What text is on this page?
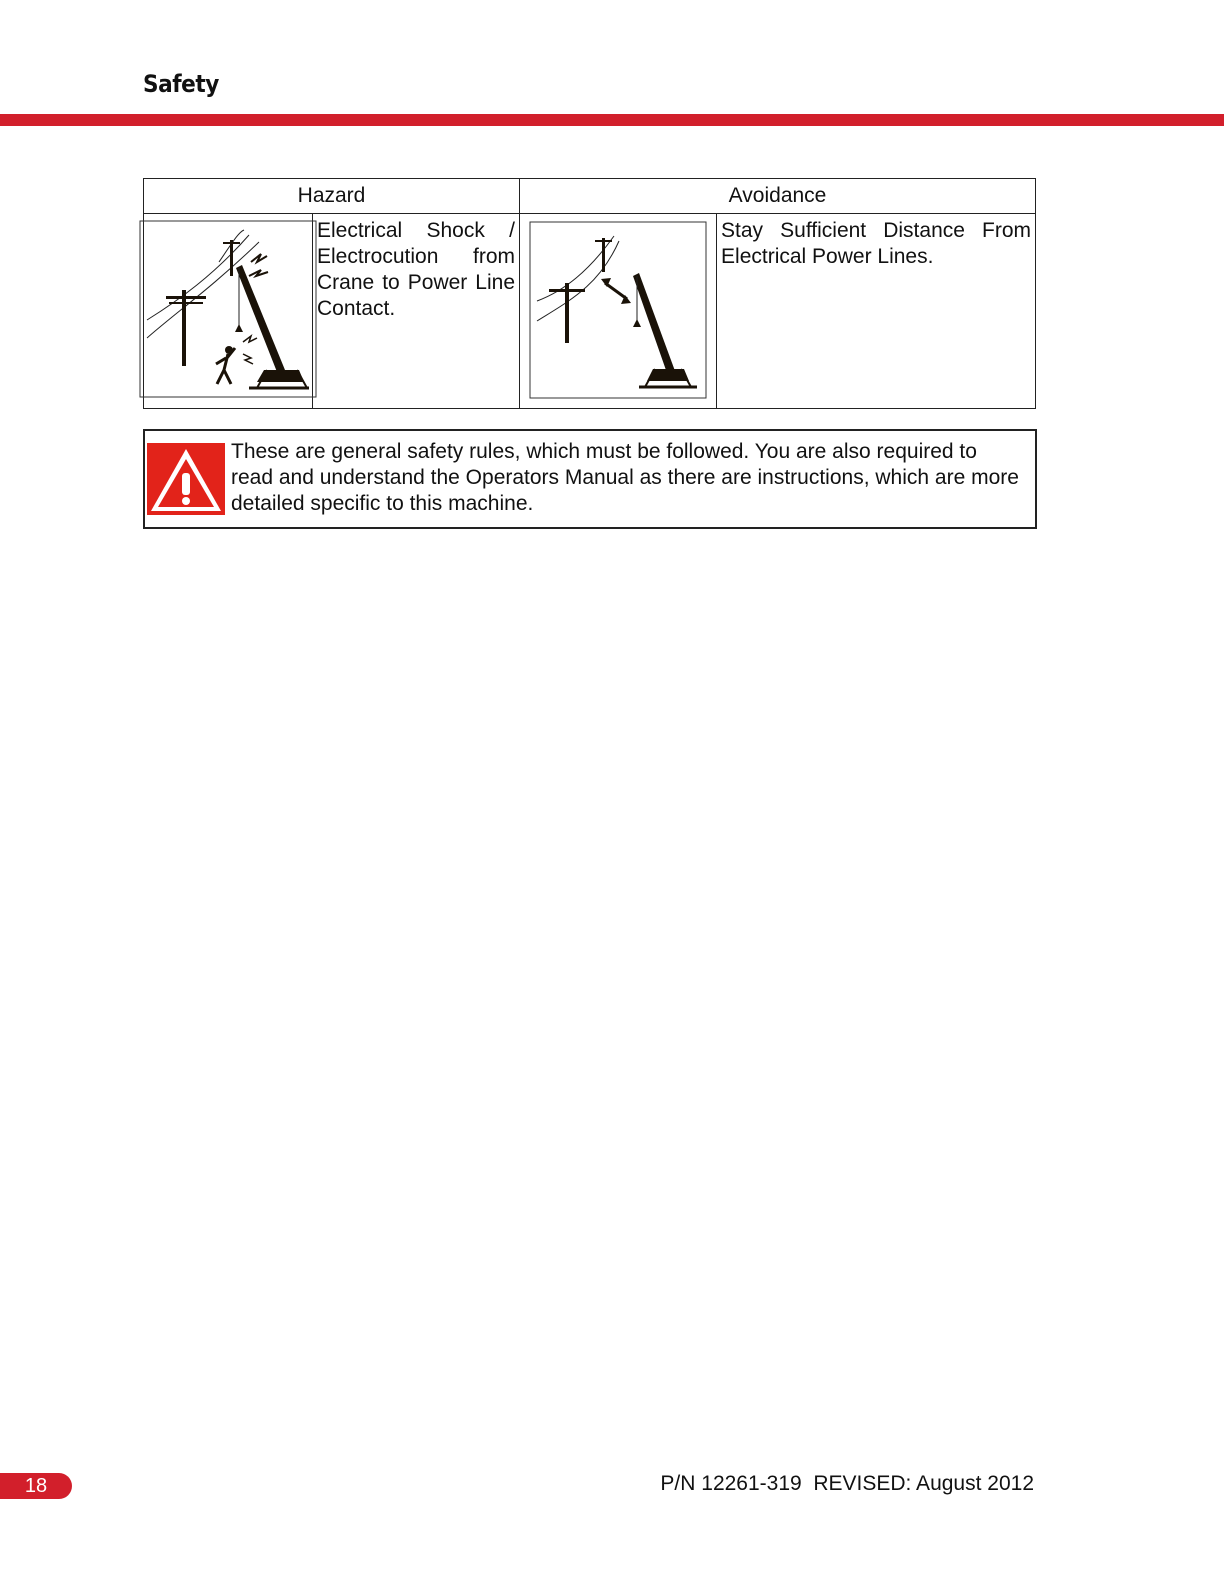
Safety
Hazard		Avoidance	

Electrical Shock / Electrocution from Crane to Power Line Contact.		Stay Sufficient Distance From Electrical Power Lines.
These are general safety rules, which must be followed. You are also required to read and understand the Operators Manual as there are instructions, which are more detailed specific to this machine.
18	P/N 12261-319  REVISED: August 2012
